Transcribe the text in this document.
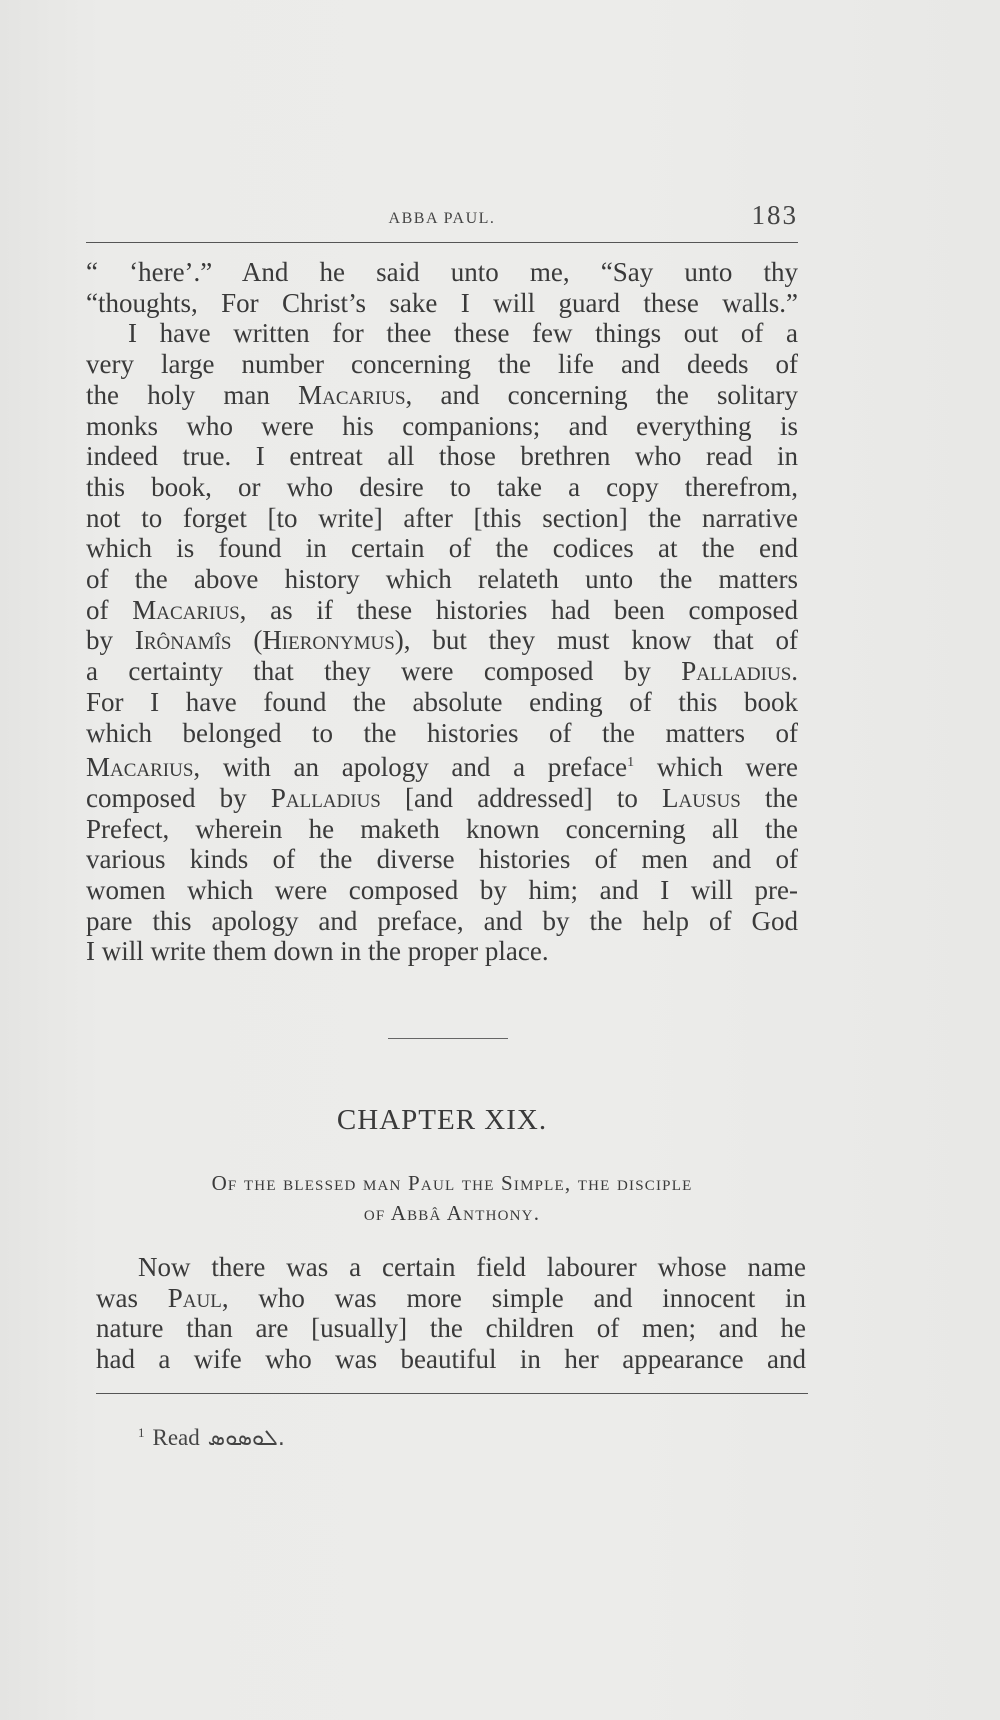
ABBA PAUL.	183
“ ‘here’.” And he said unto me, “Say unto thy
“thoughts, For Christ’s sake I will guard these walls.”
I have written for thee these few things out of a
very large number concerning the life and deeds of
the holy man Macarius, and concerning the solitary
monks who were his companions; and everything is
indeed true. I entreat all those brethren who read in
this book, or who desire to take a copy therefrom,
not to forget [to write] after [this section] the narrative
which is found in certain of the codices at the end
of the above history which relateth unto the matters
of Macarius, as if these histories had been composed
by Irônamîs (Hieronymus), but they must know that of
a certainty that they were composed by Palladius.
For I have found the absolute ending of this book
which belonged to the histories of the matters of
Macarius, with an apology and a preface$^1$ which were
composed by Palladius [and addressed] to Lausus the
Prefect, wherein he maketh known concerning all the
various kinds of the diverse histories of men and of
women which were composed by him; and I will pre-
pare this apology and preface, and by the help of God
I will write them down in the proper place.
CHAPTER XIX.
Of the blessed man Paul the Simple, the disciple
of Abbâ Anthony.
Now there was a certain field labourer whose name
was Paul, who was more simple and innocent in
nature than are [usually] the children of men; and he
had a wife who was beautiful in her appearance and
$^1$ Read ܠܘܣܘܣ.
